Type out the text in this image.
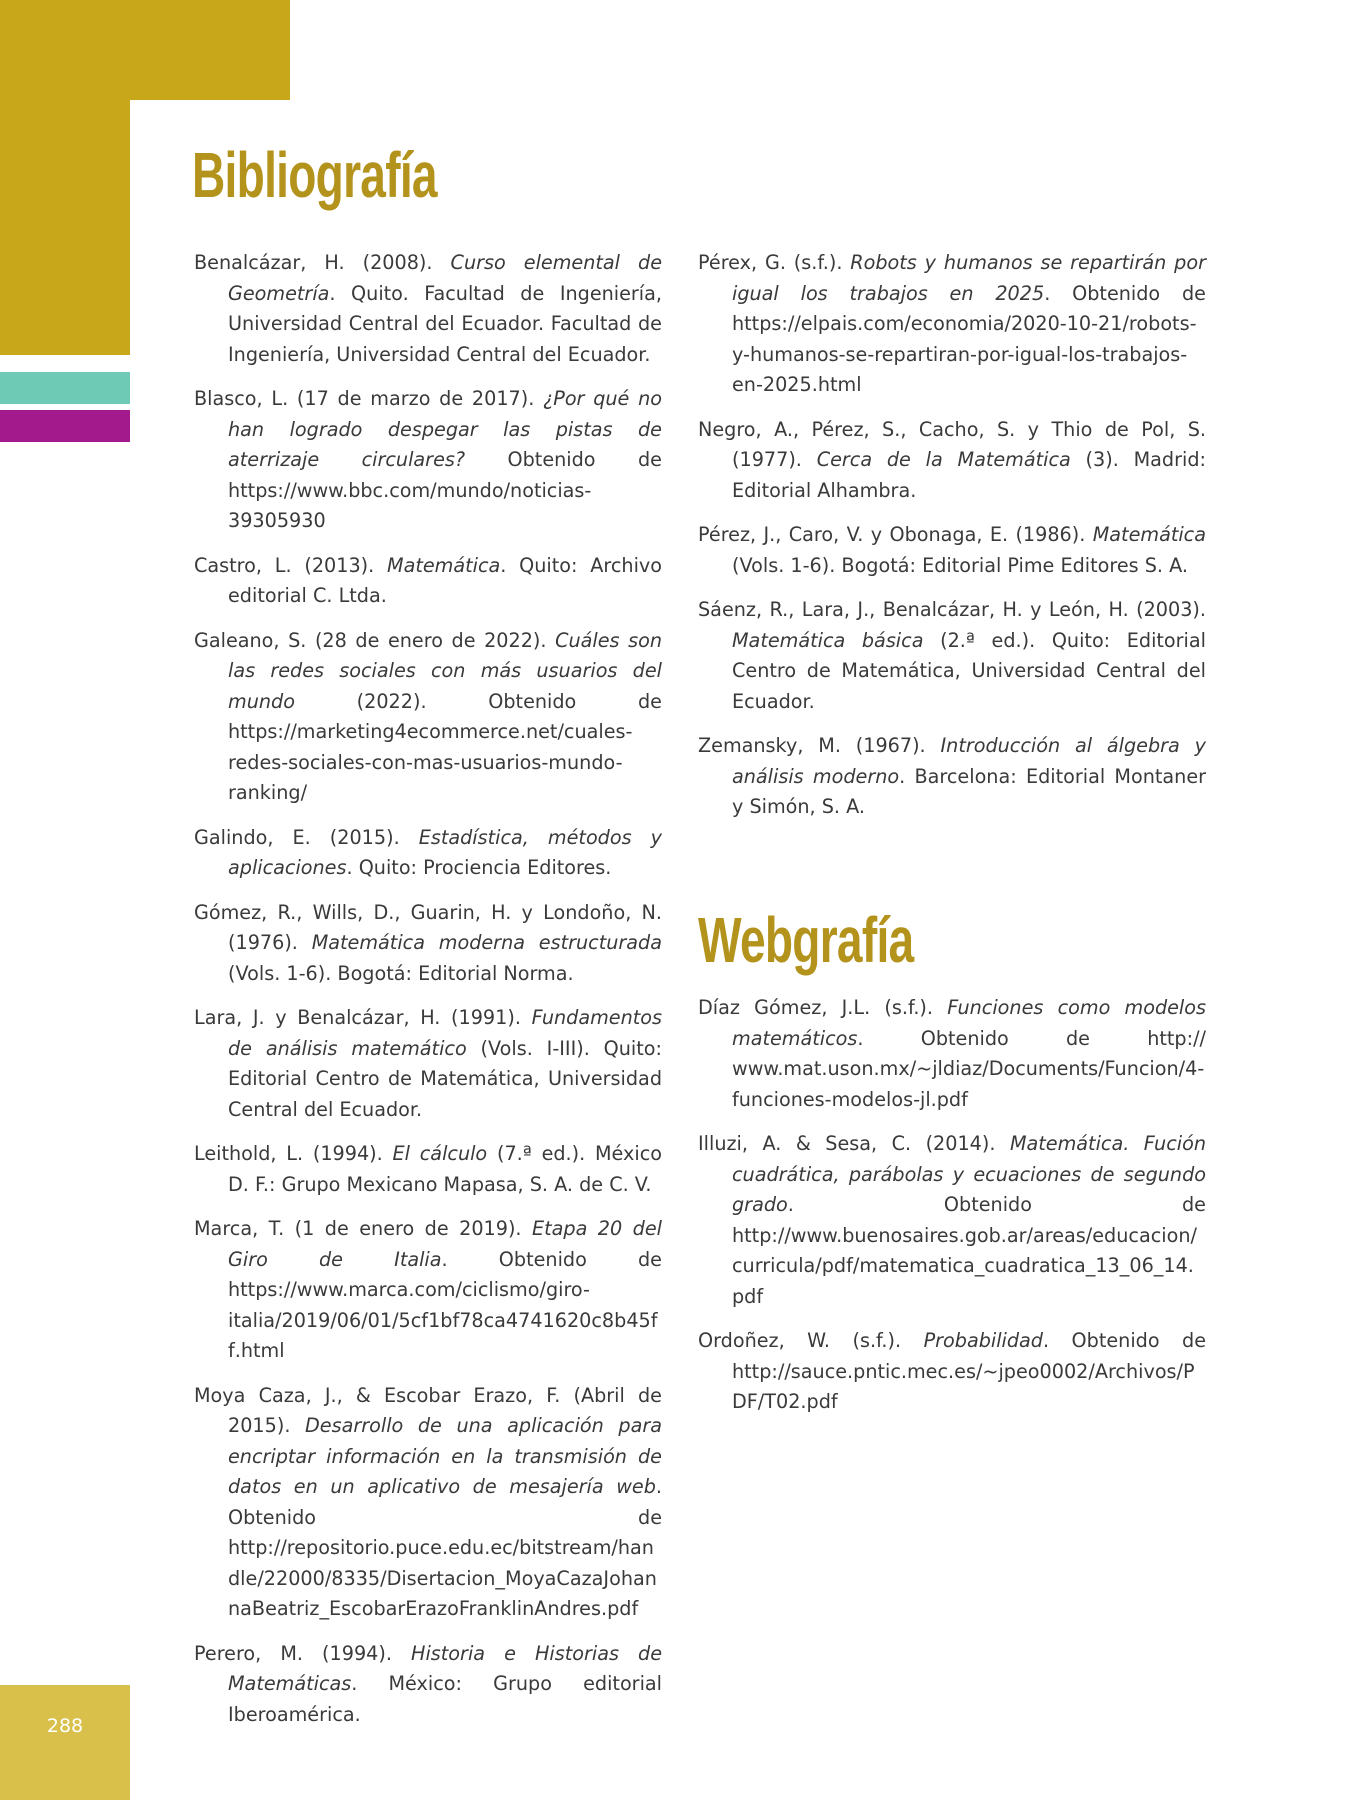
288
Bibliografía

Benalcázar, H. (2008). Curso elemental de Geometría. Quito. Facultad de Ingeniería, Universidad Central del Ecuador. Facultad de Ingeniería, Universidad Central del Ecuador.

Blasco, L. (17 de marzo de 2017). ¿Por qué no han logrado despegar las pistas de aterrizaje circulares? Obtenido de https://www.bbc.com/mundo/noticias-39305930

Castro, L. (2013). Matemática. Quito: Archivo editorial C. Ltda.

Galeano, S. (28 de enero de 2022). Cuáles son las redes sociales con más usuarios del mundo (2022). Obtenido de https://marketing4ecommerce.net/cuales-redes-sociales-con-mas-usuarios-mundo-ranking/

Galindo, E. (2015). Estadística, métodos y aplicaciones. Quito: Prociencia Editores.

Gómez, R., Wills, D., Guarin, H. y Londoño, N. (1976). Matemática moderna estructurada (Vols. 1-6). Bogotá: Editorial Norma.

Lara, J. y Benalcázar, H. (1991). Fundamentos de análisis matemático (Vols. I-III). Quito: Editorial Centro de Matemática, Universidad Central del Ecuador.

Leithold, L. (1994). El cálculo (7.ª ed.). México D. F.: Grupo Mexicano Mapasa, S. A. de C. V.

Marca, T. (1 de enero de 2019). Etapa 20 del Giro de Italia. Obtenido de https://www.marca.com/ciclismo/giro-italia/2019/06/01/5cf1bf78ca4741620c8b45ff.html

Moya Caza, J., & Escobar Erazo, F. (Abril de 2015). Desarrollo de una aplicación para encriptar información en la transmisión de datos en un aplicativo de mesajería web. Obtenido de http://repositorio.puce.edu.ec/bitstream/handle/22000/8335/Disertacion_MoyaCazaJohannaBeatriz_EscobarErazoFranklinAndres.pdf

Perero, M. (1994). Historia e Historias de Matemáticas. México: Grupo editorial Iberoamérica.

Pérex, G. (s.f.). Robots y humanos se repartirán por igual los trabajos en 2025. Obtenido de https://elpais.com/economia/2020-10-21/robots-y-humanos-se-repartiran-por-igual-los-trabajos-en-2025.html

Negro, A., Pérez, S., Cacho, S. y Thio de Pol, S. (1977). Cerca de la Matemática (3). Madrid: Editorial Alhambra.

Pérez, J., Caro, V. y Obonaga, E. (1986). Matemática (Vols. 1-6). Bogotá: Editorial Pime Editores S. A.

Sáenz, R., Lara, J., Benalcázar, H. y León, H. (2003). Matemática básica (2.ª ed.). Quito: Editorial Centro de Matemática, Universidad Central del Ecuador.

Zemansky, M. (1967). Introducción al álgebra y análisis moderno. Barcelona: Editorial Montaner y Simón, S. A.

Webgrafía

Díaz Gómez, J.L. (s.f.). Funciones como modelos matemáticos. Obtenido de http:// www.mat.uson.mx/~jldiaz/Documents/Funcion/4-funciones-modelos-jl.pdf

Illuzi, A. & Sesa, C. (2014). Matemática. Fución cuadrática, parábolas y ecuaciones de segundo grado. Obtenido de http://www.buenosaires.gob.ar/areas/educacion/curricula/pdf/matematica_cuadratica_13_06_14.pdf

Ordoñez, W. (s.f.). Probabilidad. Obtenido de http://sauce.pntic.mec.es/~jpeo0002/Archivos/PDF/T02.pdf
